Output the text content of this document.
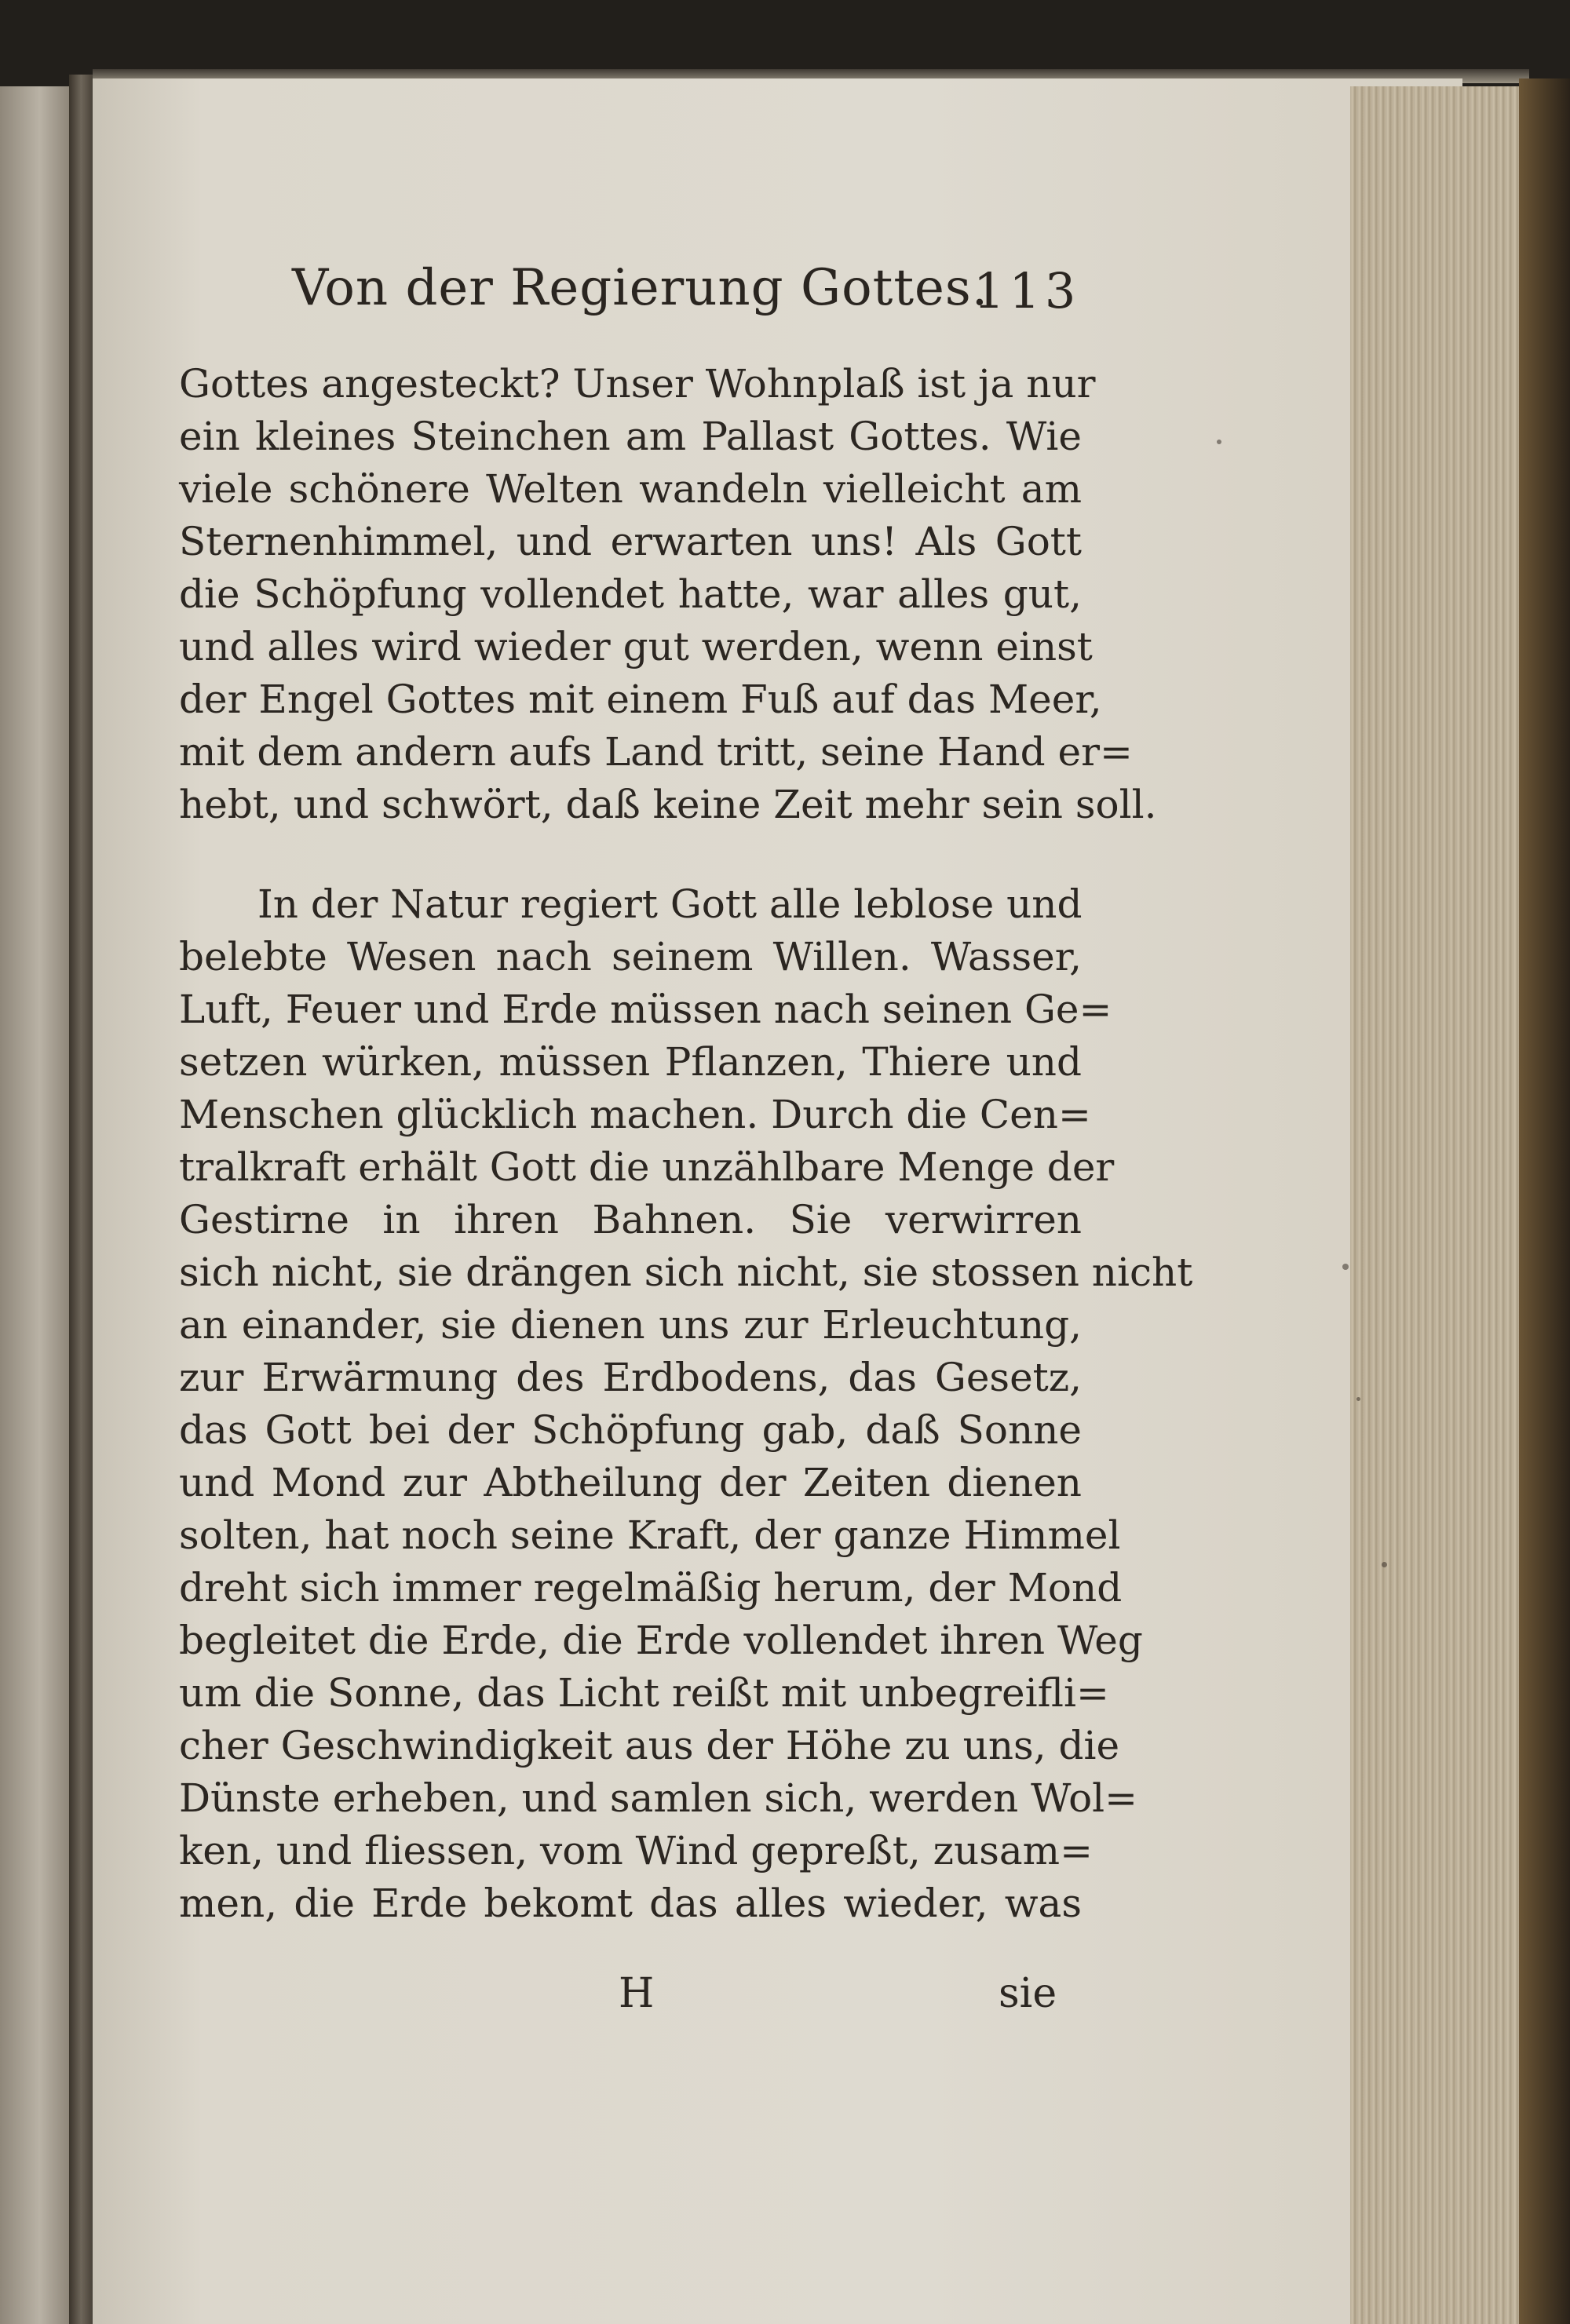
Von der Regierung Gottes.
113
Gottes angesteckt? Unser Wohnplaß ist ja nur
ein kleines Steinchen am Pallast Gottes. Wie
viele schönere Welten wandeln vielleicht am
Sternenhimmel, und erwarten uns! Als Gott
die Schöpfung vollendet hatte, war alles gut,
und alles wird wieder gut werden, wenn einst
der Engel Gottes mit einem Fuß auf das Meer,
mit dem andern aufs Land tritt, seine Hand er=
hebt, und schwört, daß keine Zeit mehr sein soll.
In der Natur regiert Gott alle leblose und
belebte Wesen nach seinem Willen. Wasser,
Luft, Feuer und Erde müssen nach seinen Ge=
setzen würken, müssen Pflanzen, Thiere und
Menschen glücklich machen. Durch die Cen=
tralkraft erhält Gott die unzählbare Menge der
Gestirne in ihren Bahnen. Sie verwirren
sich nicht, sie drängen sich nicht, sie stossen nicht
an einander, sie dienen uns zur Erleuchtung,
zur Erwärmung des Erdbodens, das Gesetz,
das Gott bei der Schöpfung gab, daß Sonne
und Mond zur Abtheilung der Zeiten dienen
solten, hat noch seine Kraft, der ganze Himmel
dreht sich immer regelmäßig herum, der Mond
begleitet die Erde, die Erde vollendet ihren Weg
um die Sonne, das Licht reißt mit unbegreifli=
cher Geschwindigkeit aus der Höhe zu uns, die
Dünste erheben, und samlen sich, werden Wol=
ken, und fliessen, vom Wind gepreßt, zusam=
men, die Erde bekomt das alles wieder, was
H	sie
